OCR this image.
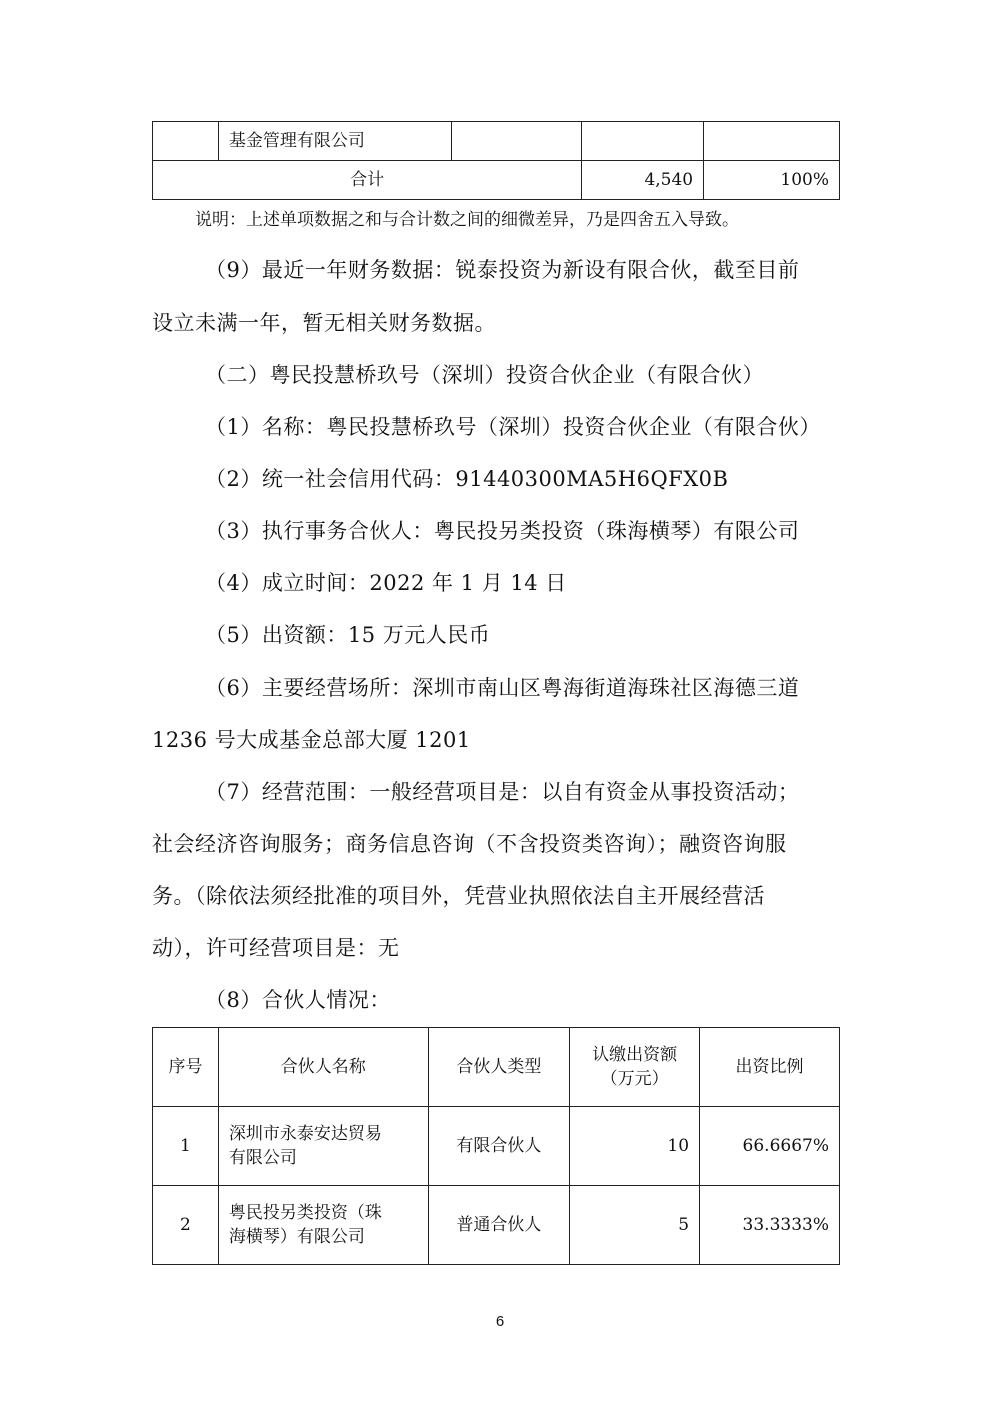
	基金管理有限公司			
合计			4,540	100%
说明：上述单项数据之和与合计数之间的细微差异，乃是四舍五入导致。
（9）最近一年财务数据：锐泰投资为新设有限合伙，截至目前
设立未满一年，暂无相关财务数据。
（二）粤民投慧桥玖号（深圳）投资合伙企业（有限合伙）
（1）名称：粤民投慧桥玖号（深圳）投资合伙企业（有限合伙）
（2）统一社会信用代码：91440300MA5H6QFX0B
（3）执行事务合伙人：粤民投另类投资（珠海横琴）有限公司
（4）成立时间：2022 年 1 月 14 日
（5）出资额：15 万元人民币
（6）主要经营场所：深圳市南山区粤海街道海珠社区海德三道
1236 号大成基金总部大厦 1201
（7）经营范围：一般经营项目是：以自有资金从事投资活动；
社会经济咨询服务；商务信息咨询（不含投资类咨询）；融资咨询服
务。（除依法须经批准的项目外，凭营业执照依法自主开展经营活
动），许可经营项目是：无
（8）合伙人情况：
序号	合伙人名称	合伙人类型	认缴出资额
（万元）	出资比例
1	深圳市永泰安达贸易
有限公司	有限合伙人	10	66.6667%
2	粤民投另类投资（珠
海横琴）有限公司	普通合伙人	5	33.3333%
6
